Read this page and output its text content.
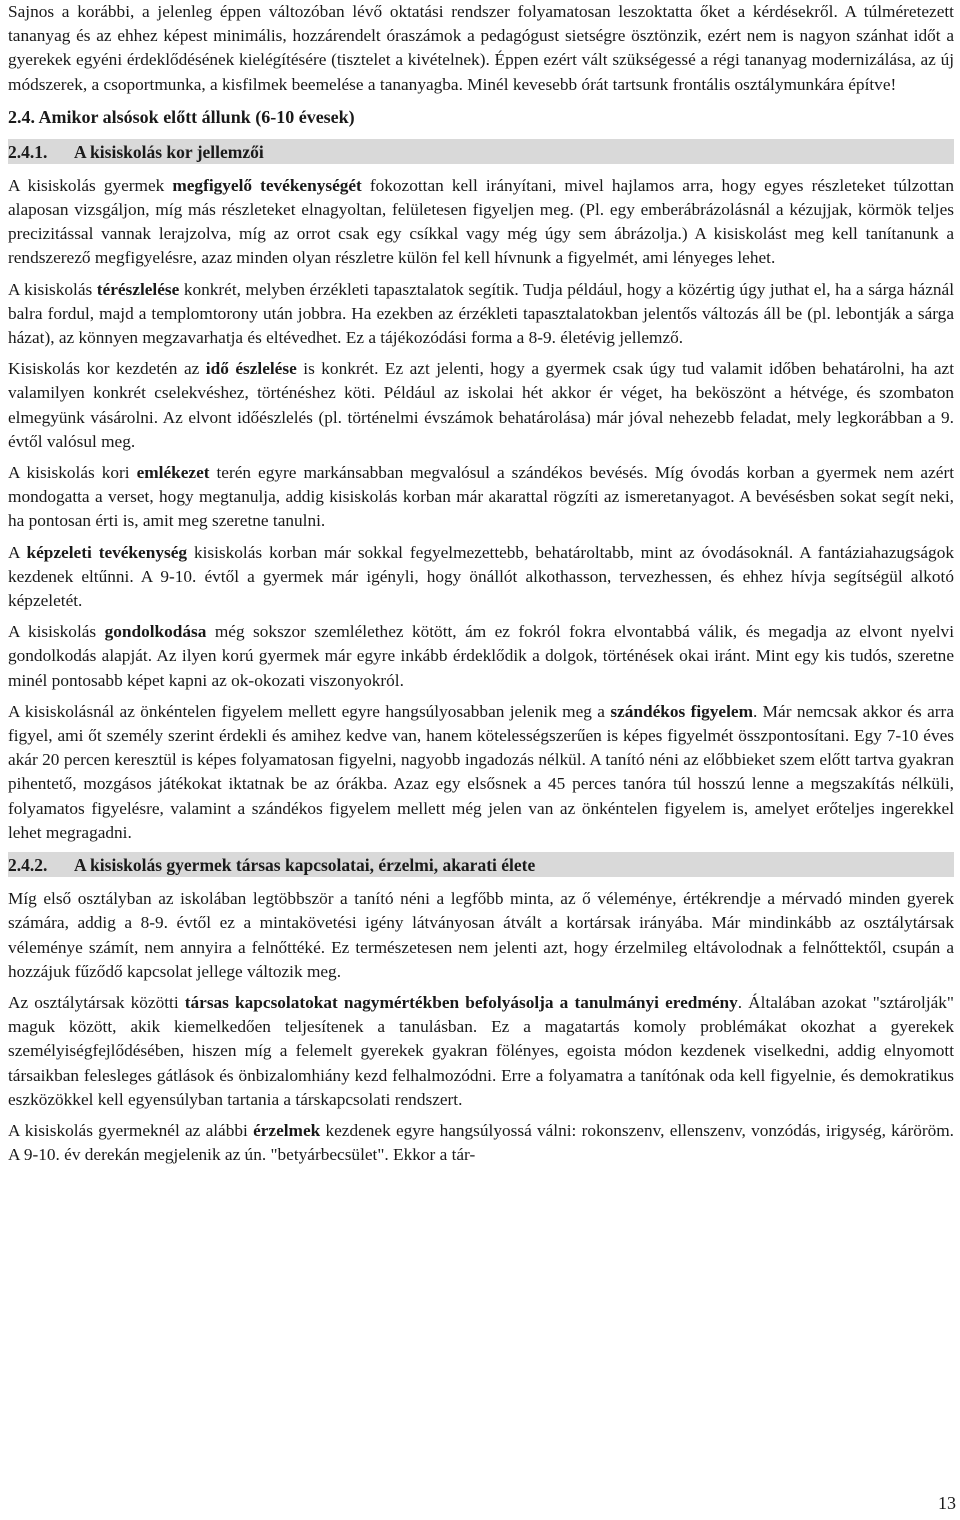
Sajnos a korábbi, a jelenleg éppen változóban lévő oktatási rendszer folyamatosan leszoktatta őket a kérdésekről. A túlméretezett tananyag és az ehhez képest minimális, hozzárendelt óraszámok a pedagógust sietségre ösztönzik, ezért nem is nagyon szánhat időt a gyerekek egyéni érdeklődésének kielégítésére (tisztelet a kivételnek). Éppen ezért vált szükségessé a régi tananyag modernizálása, az új módszerek, a csoportmunka, a kisfilmek beemelése a tananyagba. Minél kevesebb órát tartsunk frontális osztálymunkára építve!

2.4. Amikor alsósok előtt állunk (6-10 évesek)
2.4.1. A kisiskolás kor jellemzői

A kisiskolás gyermek megfigyelő tevékenységét fokozottan kell irányítani, mivel hajlamos arra, hogy egyes részleteket túlzottan alaposan vizsgáljon, míg más részleteket elnagyoltan, felületesen figyeljen meg. (Pl. egy emberábrázolásnál a kézujjak, körmök teljes precizitással vannak lerajzolva, míg az orrot csak egy csíkkal vagy még úgy sem ábrázolja.) A kisiskolást meg kell tanítanunk a rendszerező megfigyelésre, azaz minden olyan részletre külön fel kell hívnunk a figyelmét, ami lényeges lehet.

A kisiskolás térészlelése konkrét, melyben érzékleti tapasztalatok segítik. Tudja például, hogy a közértig úgy juthat el, ha a sárga háznál balra fordul, majd a templomtorony után jobbra. Ha ezekben az érzékleti tapasztalatokban jelentős változás áll be (pl. lebontják a sárga házat), az könnyen megzavarhatja és eltévedhet. Ez a tájékozódási forma a 8-9. életévig jellemző.

Kisiskolás kor kezdetén az idő észlelése is konkrét. Ez azt jelenti, hogy a gyermek csak úgy tud valamit időben behatárolni, ha azt valamilyen konkrét cselekvéshez, történéshez köti. Például az iskolai hét akkor ér véget, ha beköszönt a hétvége, és szombaton elmegyünk vásárolni. Az elvont időészlelés (pl. történelmi évszámok behatárolása) már jóval nehezebb feladat, mely legkorábban a 9. évtől valósul meg.

A kisiskolás kori emlékezet terén egyre markánsabban megvalósul a szándékos bevésés. Míg óvodás korban a gyermek nem azért mondogatta a verset, hogy megtanulja, addig kisiskolás korban már akarattal rögzíti az ismeretanyagot. A bevésésben sokat segít neki, ha pontosan érti is, amit meg szeretne tanulni.

A képzeleti tevékenység kisiskolás korban már sokkal fegyelmezettebb, behatároltabb, mint az óvodásoknál. A fantáziahazugságok kezdenek eltűnni. A 9-10. évtől a gyermek már igényli, hogy önállót alkothasson, tervezhessen, és ehhez hívja segítségül alkotó képzeletét.

A kisiskolás gondolkodása még sokszor szemlélethez kötött, ám ez fokról fokra elvontabbá válik, és megadja az elvont nyelvi gondolkodás alapját. Az ilyen korú gyermek már egyre inkább érdeklődik a dolgok, történések okai iránt. Mint egy kis tudós, szeretne minél pontosabb képet kapni az ok-okozati viszonyokról.

A kisiskolásnál az önkéntelen figyelem mellett egyre hangsúlyosabban jelenik meg a szándékos figyelem. Már nemcsak akkor és arra figyel, ami őt személy szerint érdekli és amihez kedve van, hanem kötelességszerűen is képes figyelmét összpontosítani. Egy 7-10 éves akár 20 percen keresztül is képes folyamatosan figyelni, nagyobb ingadozás nélkül. A tanító néni az előbbieket szem előtt tartva gyakran pihentető, mozgásos játékokat iktatnak be az órákba. Azaz egy elsősnek a 45 perces tanóra túl hosszú lenne a megszakítás nélküli, folyamatos figyelésre, valamint a szándékos figyelem mellett még jelen van az önkéntelen figyelem is, amelyet erőteljes ingerekkel lehet megragadni.

2.4.2. A kisiskolás gyermek társas kapcsolatai, érzelmi, akarati élete

Míg első osztályban az iskolában legtöbbször a tanító néni a legfőbb minta, az ő véleménye, értékrendje a mérvadó minden gyerek számára, addig a 8-9. évtől ez a mintakövetési igény látványosan átvált a kortársak irányába. Már mindinkább az osztálytársak véleménye számít, nem annyira a felnőttéké. Ez természetesen nem jelenti azt, hogy érzelmileg eltávolodnak a felnőttektől, csupán a hozzájuk fűződő kapcsolat jellege változik meg.

Az osztálytársak közötti társas kapcsolatokat nagymértékben befolyásolja a tanulmányi eredmény. Általában azokat "sztárolják" maguk között, akik kiemelkedően teljesítenek a tanulásban. Ez a magatartás komoly problémákat okozhat a gyerekek személyiségfejlődésében, hiszen míg a felemelt gyerekek gyakran fölényes, egoista módon kezdenek viselkedni, addig elnyomott társaikban felesleges gátlások és önbizalomhiány kezd felhalmozódni. Erre a folyamatra a tanítónak oda kell figyelnie, és demokratikus eszközökkel kell egyensúlyban tartania a társkapcsolati rendszert.

A kisiskolás gyermeknél az alábbi érzelmek kezdenek egyre hangsúlyossá válni: rokonszenv, ellenszenv, vonzódás, irigység, káröröm. A 9-10. év derekán megjelenik az ún. "betyárbecsület". Ekkor a tár-

13
